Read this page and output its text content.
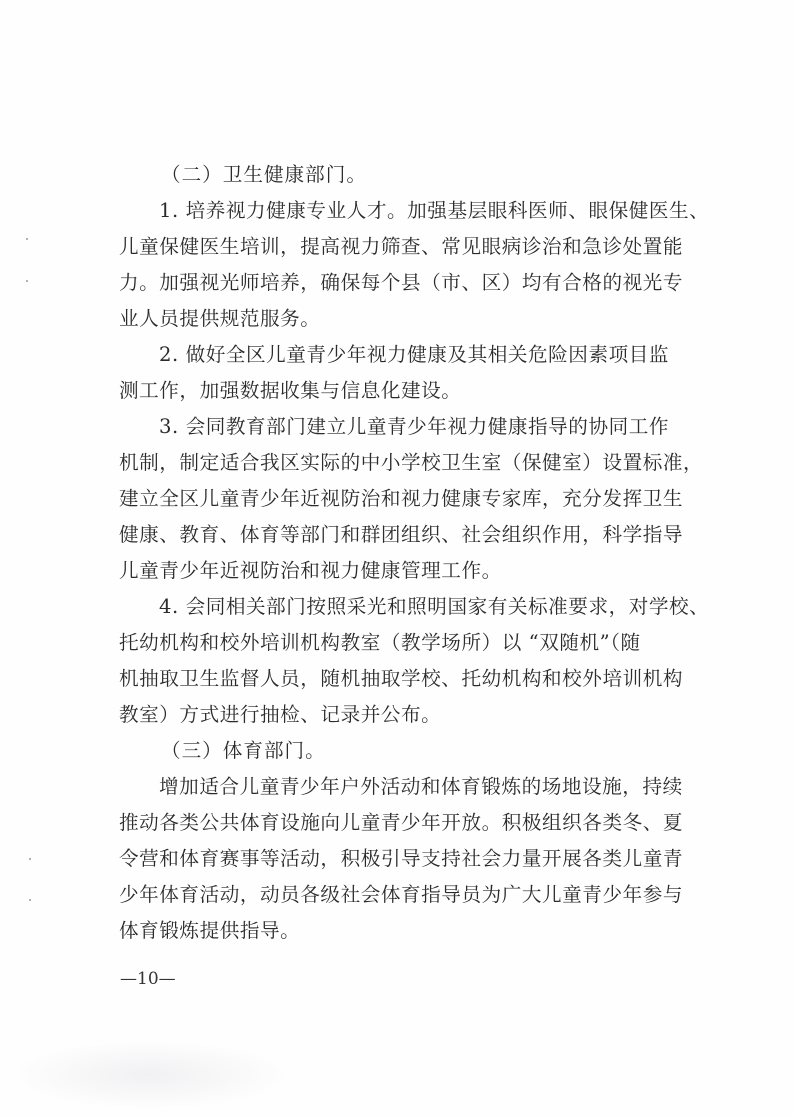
（二）卫生健康部门。
1. 培养视力健康专业人才。加强基层眼科医师、眼保健医生、
儿童保健医生培训，提高视力筛查、常见眼病诊治和急诊处置能
力。加强视光师培养，确保每个县（市、区）均有合格的视光专
业人员提供规范服务。
2. 做好全区儿童青少年视力健康及其相关危险因素项目监
测工作，加强数据收集与信息化建设。
3. 会同教育部门建立儿童青少年视力健康指导的协同工作
机制，制定适合我区实际的中小学校卫生室（保健室）设置标准，
建立全区儿童青少年近视防治和视力健康专家库，充分发挥卫生
健康、教育、体育等部门和群团组织、社会组织作用，科学指导
儿童青少年近视防治和视力健康管理工作。
4. 会同相关部门按照采光和照明国家有关标准要求，对学校、
托幼机构和校外培训机构教室（教学场所）以 “双随机”（随
机抽取卫生监督人员，随机抽取学校、托幼机构和校外培训机构
教室）方式进行抽检、记录并公布。
（三）体育部门。
增加适合儿童青少年户外活动和体育锻炼的场地设施，持续
推动各类公共体育设施向儿童青少年开放。积极组织各类冬、夏
令营和体育赛事等活动，积极引导支持社会力量开展各类儿童青
少年体育活动，动员各级社会体育指导员为广大儿童青少年参与
体育锻炼提供指导。
—10—
